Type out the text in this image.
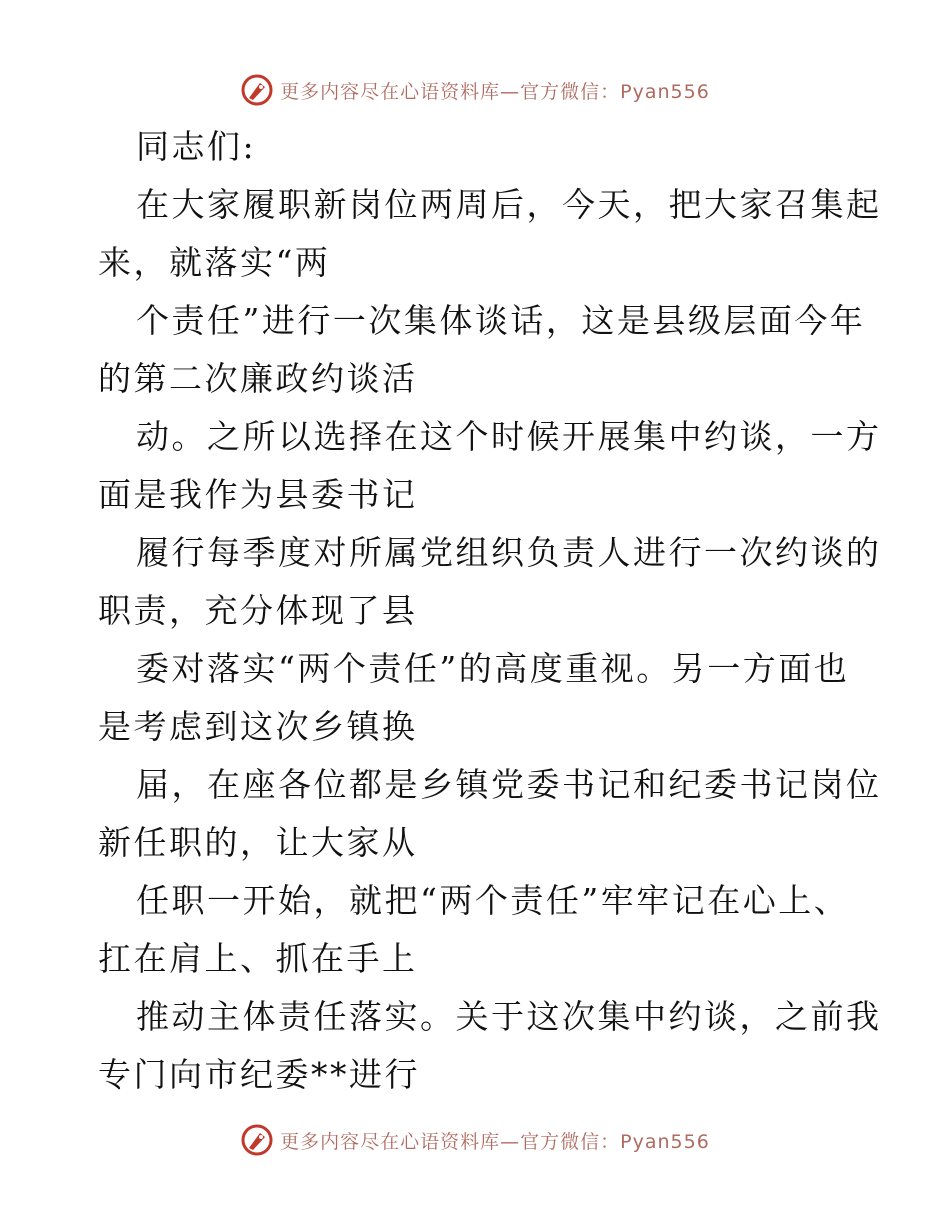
更多内容尽在心语资料库—官方微信：Pyan556
同志们:
在大家履职新岗位两周后，今天，把大家召集起
来，就落实“两
个责任”进行一次集体谈话，这是县级层面今年
的第二次廉政约谈活
动。之所以选择在这个时候开展集中约谈，一方
面是我作为县委书记
履行每季度对所属党组织负责人进行一次约谈的
职责，充分体现了县
委对落实“两个责任”的高度重视。另一方面也
是考虑到这次乡镇换
届，在座各位都是乡镇党委书记和纪委书记岗位
新任职的，让大家从
任职一开始，就把“两个责任”牢牢记在心上、
扛在肩上、抓在手上
推动主体责任落实。关于这次集中约谈，之前我
专门向市纪委**进行
更多内容尽在心语资料库—官方微信：Pyan556
